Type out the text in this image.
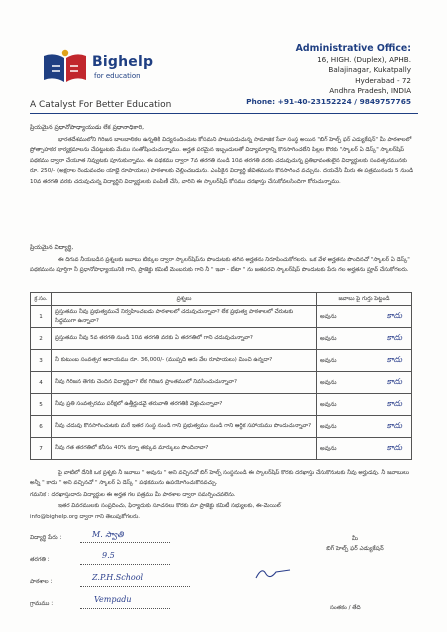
Bighelp
for education
A Catalyst For Better Education
Administrative Office:
16, HIGH. (Duplex), APHB.
Balajinagar, Kukatpally
Hyderabad - 72
Andhra Pradesh, INDIA
Phone: +91-40-23152224 / 9849757765
ప్రియమైన ప్రధానోపాధ్యాయుడు లేక ప్రధానాధికారి,
భారతదేశములోని గిరిజన బాలబాలికల ఉన్నతికి విద్యనందించుట కోసమని పాటుపడుచున్న సామాజిక సేవా సంస్థ అయిన "బిగ్ హెల్ప్ ఫర్ ఎడ్యుకేషన్" మీ పాఠశాలలో ప్రోత్సాహకర కార్యక్రమాలను చేపట్టుటకు మేము సంతోషించుచున్నాము. అర్హత పరమైన ఇబ్బందులతో విద్యామార్గాన్ని కొనసాగించలేని పిల్లల కొరకు "స్కాలర్ ఏ డెస్క్" స్కాలర్‌షిప్ పథకము ద్వారా చేయూత నివ్వుటకు పూనుకున్నాము. ఈ పథకము ద్వారా 7వ తరగతి నుండి 10వ తరగతి వరకు చదువుచున్న ప్రతిభావంతులైన విద్యార్థులకు సంవత్సరమునకు రూ. 250/- (అక్షరాల రెండువందల యాభై రూపాయలు) పాఠశాలకు చెల్లించబడును. ఎంపికైన విద్యార్థి జీవితమును కొనసాగించ వచ్చును. దయచేసి మీరు ఈ పత్రమునందు 5 నుండి 10వ తరగతి వరకు చదువుచున్న విద్యార్థిని విద్యార్థులకు పంపిణీ చేసి, వారిని ఈ స్కాలర్‌షిప్ కోసము దరఖాస్తు చేసుకోవలసిందిగా కోరుచున్నాము.
ప్రియమైన విద్యార్థి,
ఈ దిగువ నీయబడిన ప్రశ్నలకు జవాబు టిక్కుల ద్వారా స్కాలర్‌షిప్‌ను పొందుటకు తగిన అర్హతను నిరూపించుకోగలరు. ఒక వేళ అర్హతను పొందినచో "స్కాలర్ ఏ డెస్క్" పథకమును పూర్తిగా నీ ప్రధానోపాధ్యాయునికి గాని, ప్రాజెక్టు కమిటీ మెంబరుకు గాని నీ " ఇవా - బేటా " ను జతపరచి స్కాలర్‌షిప్ పొందుటకు పేరు గల అర్హతను ప్రూవ్ చేసుకోగలరు.
క్ర.సం.	ప్రశ్నలు	జవాబు పై గుర్తు పెట్టండి
1	ప్రస్తుతము నీవు ప్రభుత్వముచే నిర్వహించబడు పాఠశాలలో చదువుచున్నావా? లేక ప్రభుత్వ పాఠశాలలో చేరుటకు సిద్ధముగా ఉన్నావా?	అవును కాదు

2	ప్రస్తుతము నీవు 5వ తరగతి నుండి 10వ తరగతి వరకు ఏ తరగతిలో గాని చదువుచున్నావా?	అవును కాదు

3	నీ కుటుంబ సంవత్సర ఆదాయము రూ. 36,000/- (ముప్పది ఆరు వేల రూపాయలు) మించి ఉన్నదా?	అవును కాదు

4	నీవు గిరిజన తెగకు చెందిన విద్యార్థివా? లేక గిరిజన ప్రాంతములో నివసించుచున్నావా?	అవును కాదు

5	నీవు ప్రతి సంవత్సరము పరీక్షలో ఉత్తీర్ణుడవై తరువాతి తరగతికి వెళ్లుచున్నావా?	అవును కాదు

6	నీవు చదువు కొనసాగించుటకు మరే ఇతర సంస్థ నుండి గాని ప్రభుత్వము నుండి గాని ఆర్థిక సహాయము పొందుచున్నావా?	అవును కాదు

7	నీవు గత తరగతిలో కనీసం 40% కన్నా తక్కువ మార్కులు పొందినావా?	అవును కాదు
పై వాటిలో దేనికి ఒక ప్రశ్నకు నీ జవాబు " అవును " అని వచ్చినచో బిగ్ హెల్ప్ సంస్థనుండి ఈ స్కాలర్‌షిప్ కొరకు దరఖాస్తు చేసుకొనుటకు నీవు అర్హుడవు. నీ జవాబులు అన్నీ " కాదు " అని వచ్చినచో " స్కాలర్ ఏ డెస్క్ " పథకమును ఉపయోగించుకొనవచ్చు.
గమనిక : దరఖాస్తుదారు విద్యార్థుల ఈ అర్హత గల పత్రము మీ పాఠశాల ద్వారా సమర్పించవలెను.
ఇతర వివరములకు సంప్రదించు, ఫిర్యాదుకు సూచనలు కొరకు మా ప్రాజెక్టు కమిటీ సభ్యులకు, ఈ-మెయిల్
info@bighelp.org ద్వారా గాని తెలుపుకోగలరు.
విద్యార్థి పేరు :	M. స్వాతి
తరగతి :	9.5
పాఠశాల :	Z.P.H.School
గ్రామము :	Vempadu
మీ
బిగ్ హెల్ప్ ఫర్ ఎడ్యుకేషన్
సంతకం / తేది
